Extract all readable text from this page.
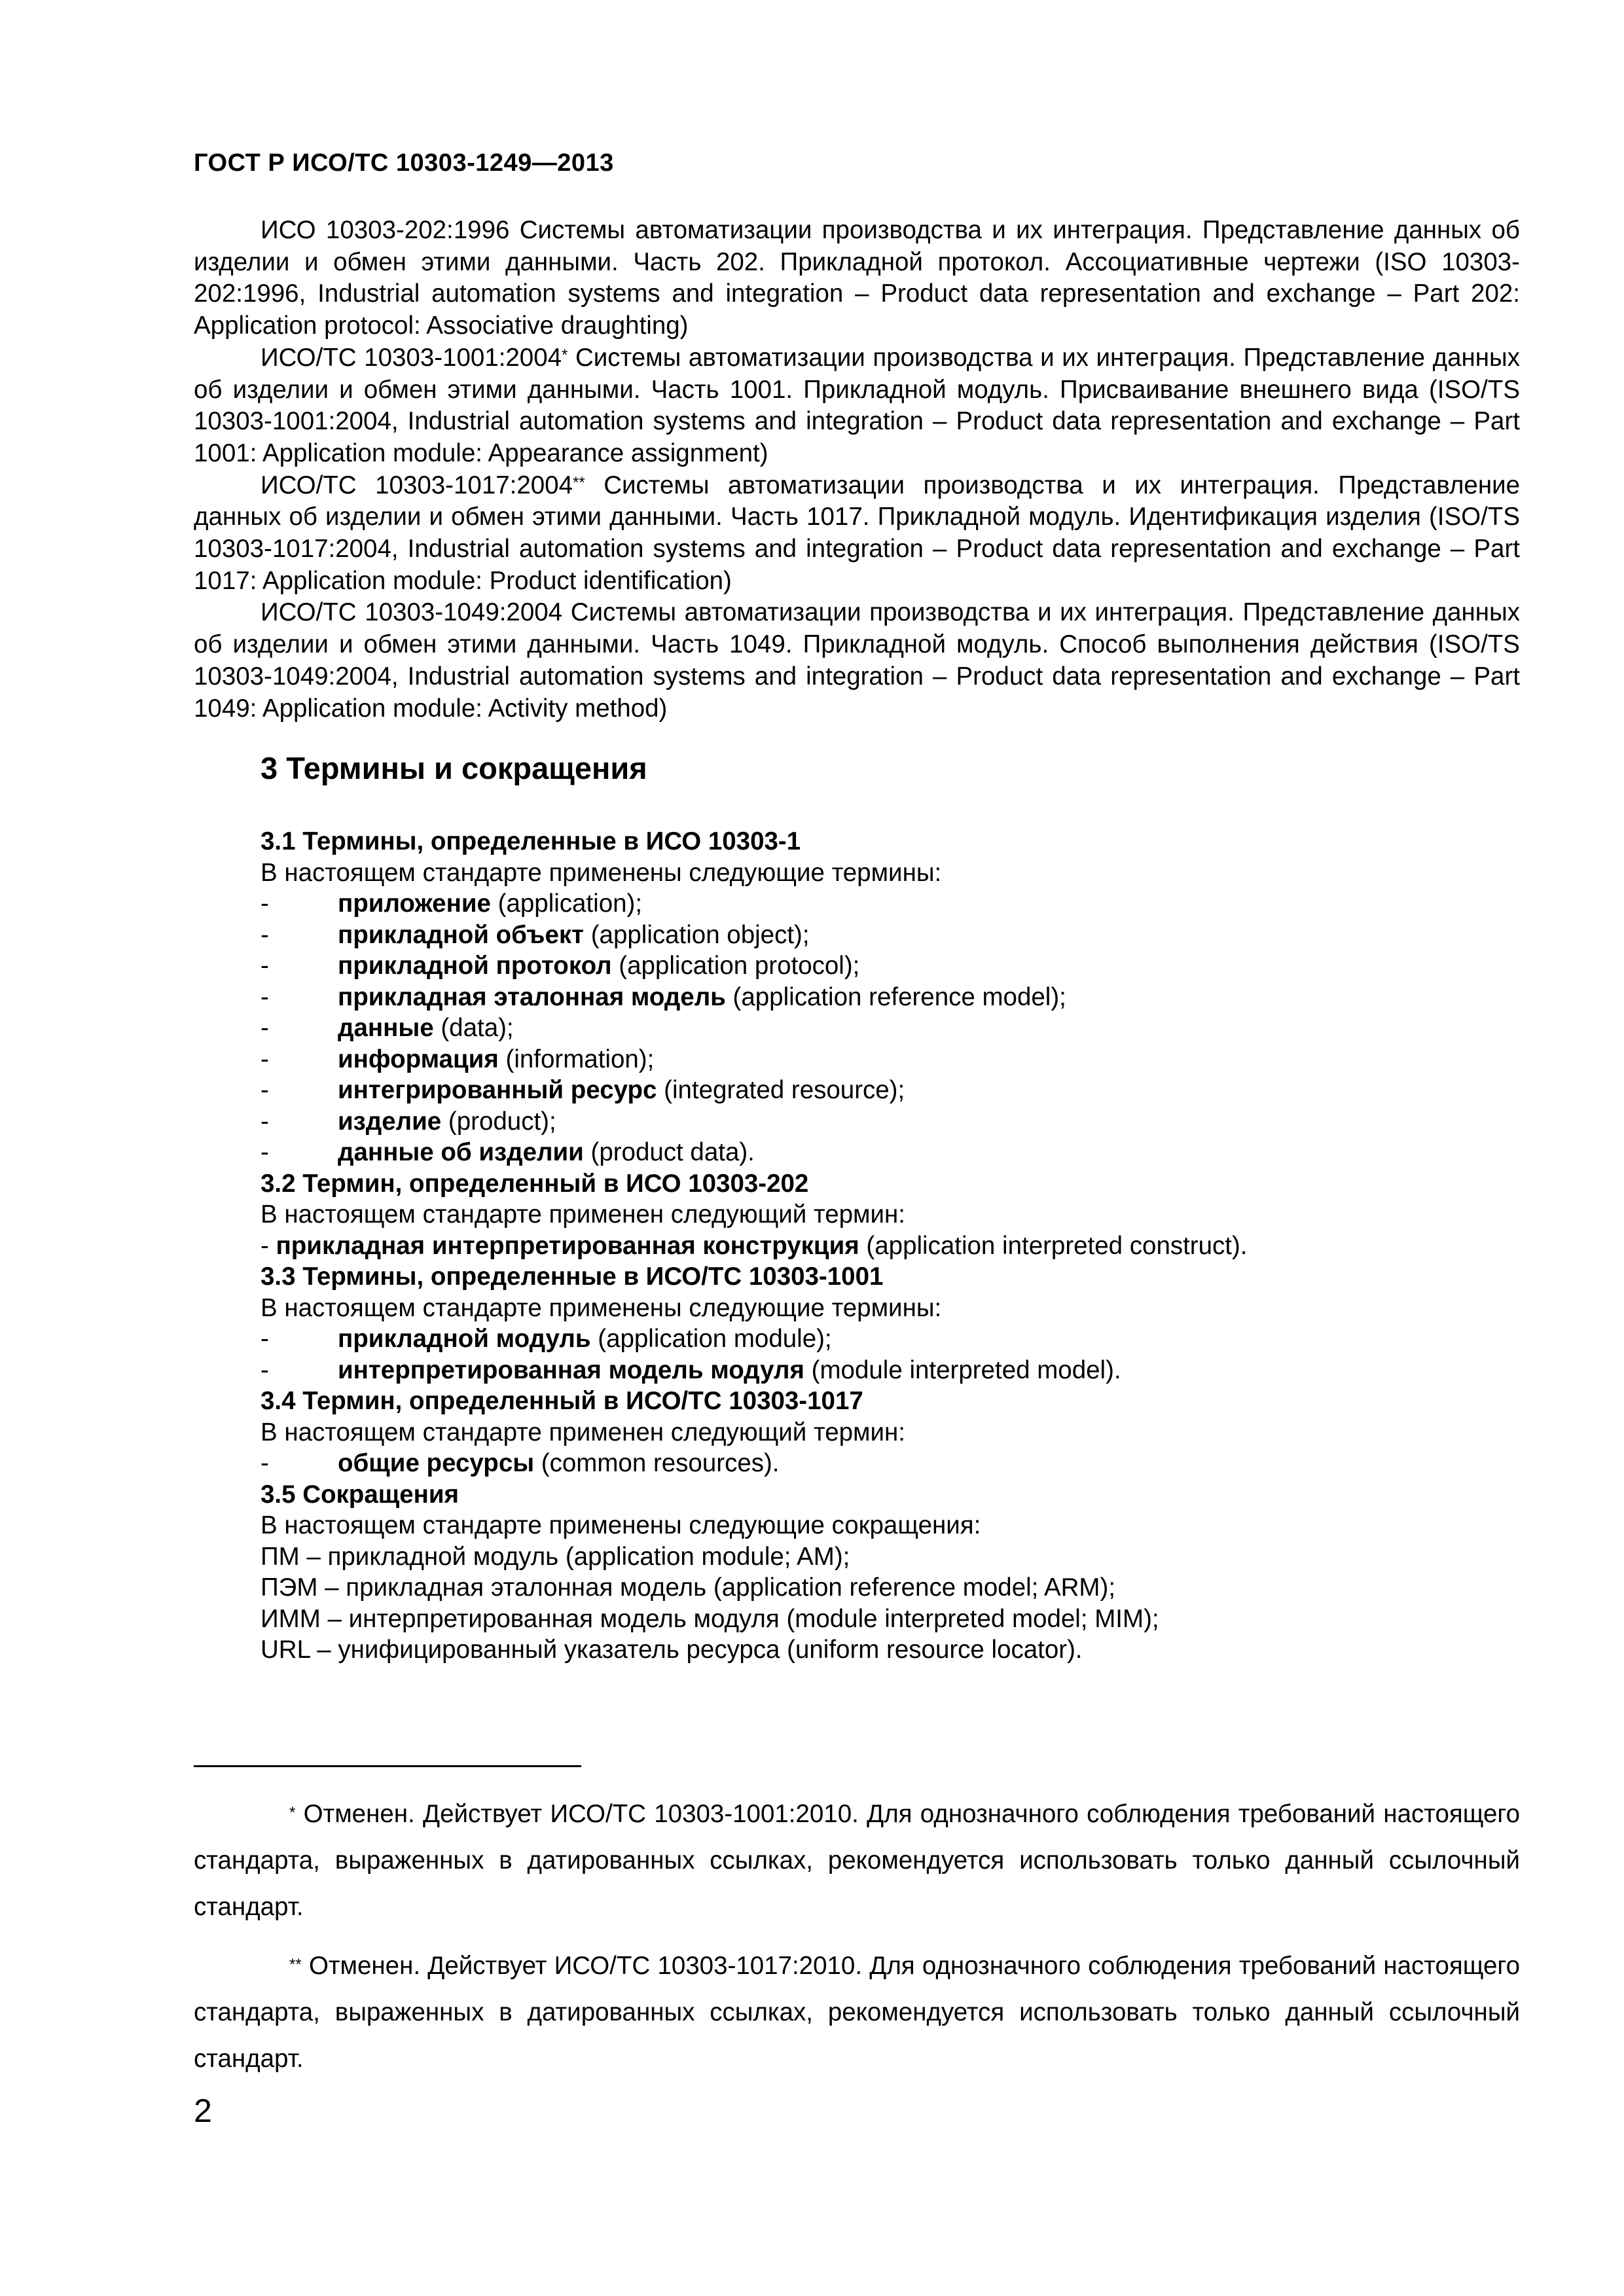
ГОСТ Р ИСО/ТС 10303-1249—2013

ИСО 10303-202:1996 Системы автоматизации производства и их интеграция. Представление данных об изделии и обмен этими данными. Часть 202. Прикладной протокол. Ассоциативные чертежи (ISO 10303-202:1996, Industrial automation systems and integration – Product data representation and exchange – Part 202: Application protocol: Associative draughting)

ИСО/ТС 10303-1001:2004* Системы автоматизации производства и их интеграция. Представление данных об изделии и обмен этими данными. Часть 1001. Прикладной модуль. Присваивание внешнего вида (ISO/TS 10303-1001:2004, Industrial automation systems and integration – Product data representation and exchange – Part 1001: Application module: Appearance assignment)

ИСО/ТС 10303-1017:2004** Системы автоматизации производства и их интеграция. Представление данных об изделии и обмен этими данными. Часть 1017. Прикладной модуль. Идентификация изделия (ISO/TS 10303-1017:2004, Industrial automation systems and integration – Product data representation and exchange – Part 1017: Application module: Product identification)

ИСО/ТС 10303-1049:2004 Системы автоматизации производства и их интеграция. Представление данных об изделии и обмен этими данными. Часть 1049. Прикладной модуль. Способ выполнения действия (ISO/TS 10303-1049:2004, Industrial automation systems and integration – Product data representation and exchange – Part 1049: Application module: Activity method)

3 Термины и сокращения
3.1 Термины, определенные в ИСО 10303-1
В настоящем стандарте применены следующие термины:
-	приложение (application);
-	прикладной объект (application object);
-	прикладной протокол (application protocol);
-	прикладная эталонная модель (application reference model);
-	данные (data);
-	информация (information);
-	интегрированный ресурс (integrated resource);
-	изделие (product);
-	данные об изделии (product data).
3.2 Термин, определенный в ИСО 10303-202
В настоящем стандарте применен следующий термин:
- прикладная интерпретированная конструкция (application interpreted construct).
3.3 Термины, определенные в ИСО/ТС 10303-1001
В настоящем стандарте применены следующие термины:
-	прикладной модуль (application module);
-	интерпретированная модель модуля (module interpreted model).
3.4 Термин, определенный в ИСО/ТС 10303-1017
В настоящем стандарте применен следующий термин:
-	общие ресурсы (common resources).
3.5 Сокращения
В настоящем стандарте применены следующие сокращения:
ПМ – прикладной модуль (application module; AM);
ПЭМ – прикладная эталонная модель (application reference model; ARM);
ИММ – интерпретированная модель модуля (module interpreted model; MIM);
URL – унифицированный указатель ресурса (uniform resource locator).

* Отменен. Действует ИСО/ТС 10303-1001:2010. Для однозначного соблюдения требований настоящего стандарта, выраженных в датированных ссылках, рекомендуется использовать только данный ссылочный стандарт.

** Отменен. Действует ИСО/ТС 10303-1017:2010. Для однозначного соблюдения требований настоящего стандарта, выраженных в датированных ссылках, рекомендуется использовать только данный ссылочный стандарт.

2
